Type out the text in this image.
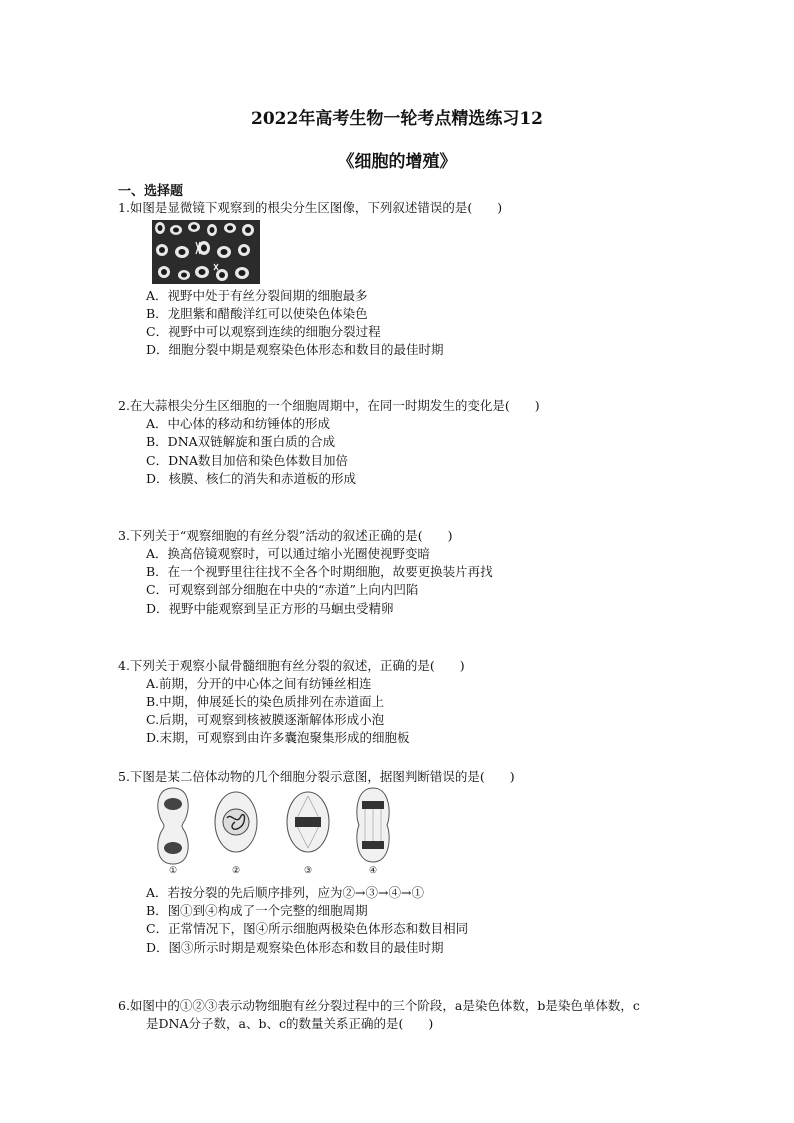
2022年高考生物一轮考点精选练习12
《细胞的增殖》
一、选择题
1.如图是显微镜下观察到的根尖分生区图像，下列叙述错误的是(　　)
A．视野中处于有丝分裂间期的细胞最多
B．龙胆紫和醋酸洋红可以使染色体染色
C．视野中可以观察到连续的细胞分裂过程
D．细胞分裂中期是观察染色体形态和数目的最佳时期
2.在大蒜根尖分生区细胞的一个细胞周期中，在同一时期发生的变化是(　　)
A．中心体的移动和纺锤体的形成
B．DNA双链解旋和蛋白质的合成
C．DNA数目加倍和染色体数目加倍
D．核膜、核仁的消失和赤道板的形成
3.下列关于“观察细胞的有丝分裂”活动的叙述正确的是(　　)
A．换高倍镜观察时，可以通过缩小光圈使视野变暗
B．在一个视野里往往找不全各个时期细胞，故要更换装片再找
C．可观察到部分细胞在中央的“赤道”上向内凹陷
D．视野中能观察到呈正方形的马蛔虫受精卵
4.下列关于观察小鼠骨髓细胞有丝分裂的叙述，正确的是(　　)
A.前期，分开的中心体之间有纺锤丝相连
B.中期，伸展延长的染色质排列在赤道面上
C.后期，可观察到核被膜逐渐解体形成小泡
D.末期，可观察到由许多囊泡聚集形成的细胞板
5.下图是某二倍体动物的几个细胞分裂示意图，据图判断错误的是(　　)
①	②	③	④
A．若按分裂的先后顺序排列，应为②→③→④→①
B．图①到④构成了一个完整的细胞周期
C．正常情况下，图④所示细胞两极染色体形态和数目相同
D．图③所示时期是观察染色体形态和数目的最佳时期
6.如图中的①②③表示动物细胞有丝分裂过程中的三个阶段，a是染色体数，b是染色单体数，c
是DNA分子数，a、b、c的数量关系正确的是(　　)
